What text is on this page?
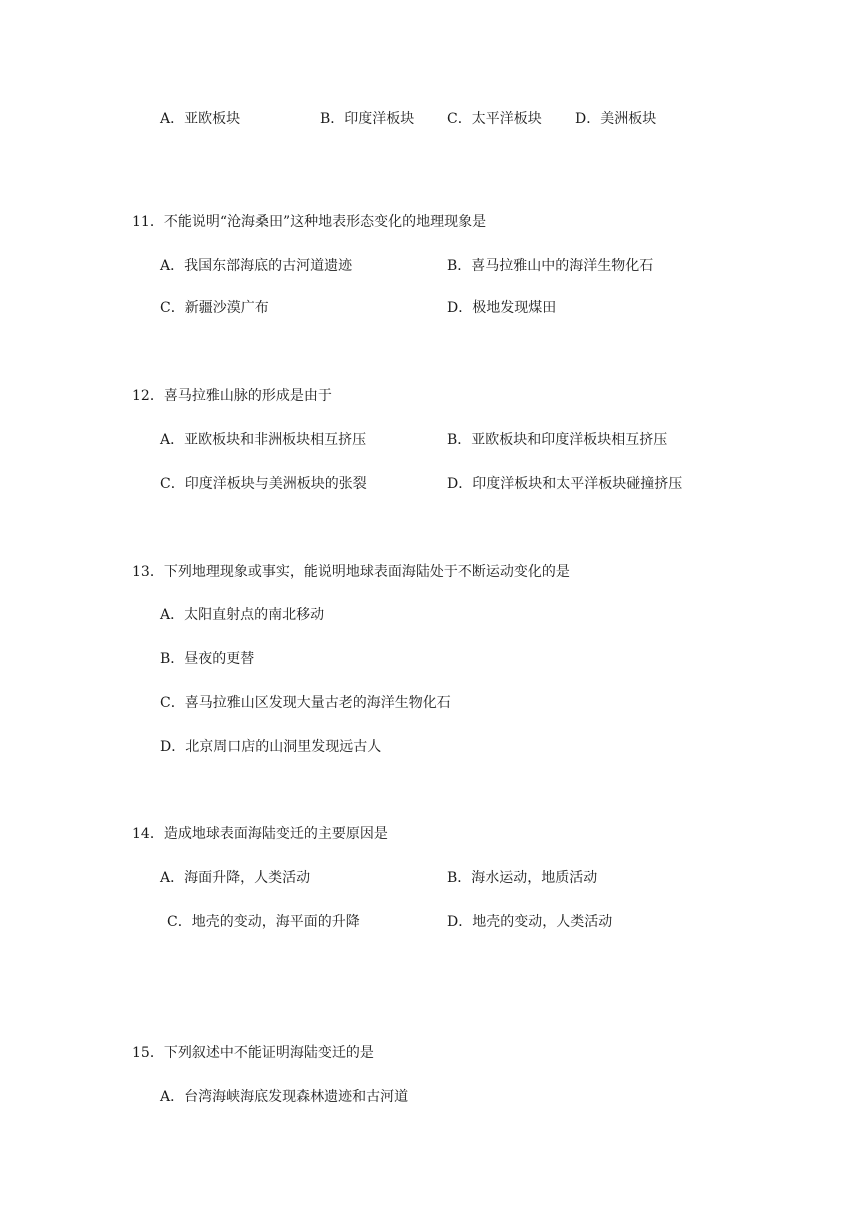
A．亚欧板块	B．印度洋板块 C．太平洋板块 D．美洲板块
11．不能说明“沧海桑田”这种地表形态变化的地理现象是
A．我国东部海底的古河道遗迹	B．喜马拉雅山中的海洋生物化石
C．新疆沙漠广布	D．极地发现煤田
12．喜马拉雅山脉的形成是由于
A．亚欧板块和非洲板块相互挤压	B．亚欧板块和印度洋板块相互挤压
C．印度洋板块与美洲板块的张裂	D．印度洋板块和太平洋板块碰撞挤压
13．下列地理现象或事实，能说明地球表面海陆处于不断运动变化的是
A．太阳直射点的南北移动
B．昼夜的更替
C．喜马拉雅山区发现大量古老的海洋生物化石
D．北京周口店的山洞里发现远古人
14．造成地球表面海陆变迁的主要原因是
A．海面升降，人类活动	B．海水运动，地质活动
C．地壳的变动，海平面的升降	D．地壳的变动，人类活动
15．下列叙述中不能证明海陆变迁的是
A．台湾海峡海底发现森林遗迹和古河道
